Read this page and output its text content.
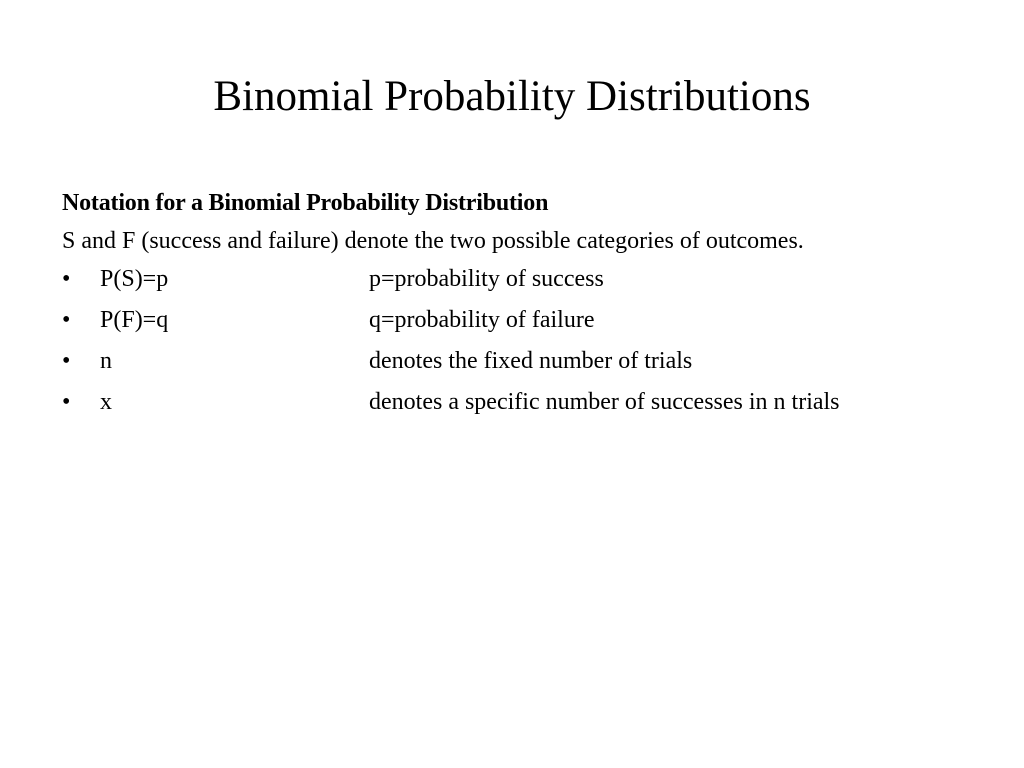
Binomial Probability Distributions

Notation for a Binomial Probability Distribution

S and F (success and failure) denote the two possible categories of outcomes.

•	P(S)=p	p=probability of success
•	P(F)=q	q=probability of failure
•	n	denotes the fixed number of trials
•	x	denotes a specific number of successes in n trials
